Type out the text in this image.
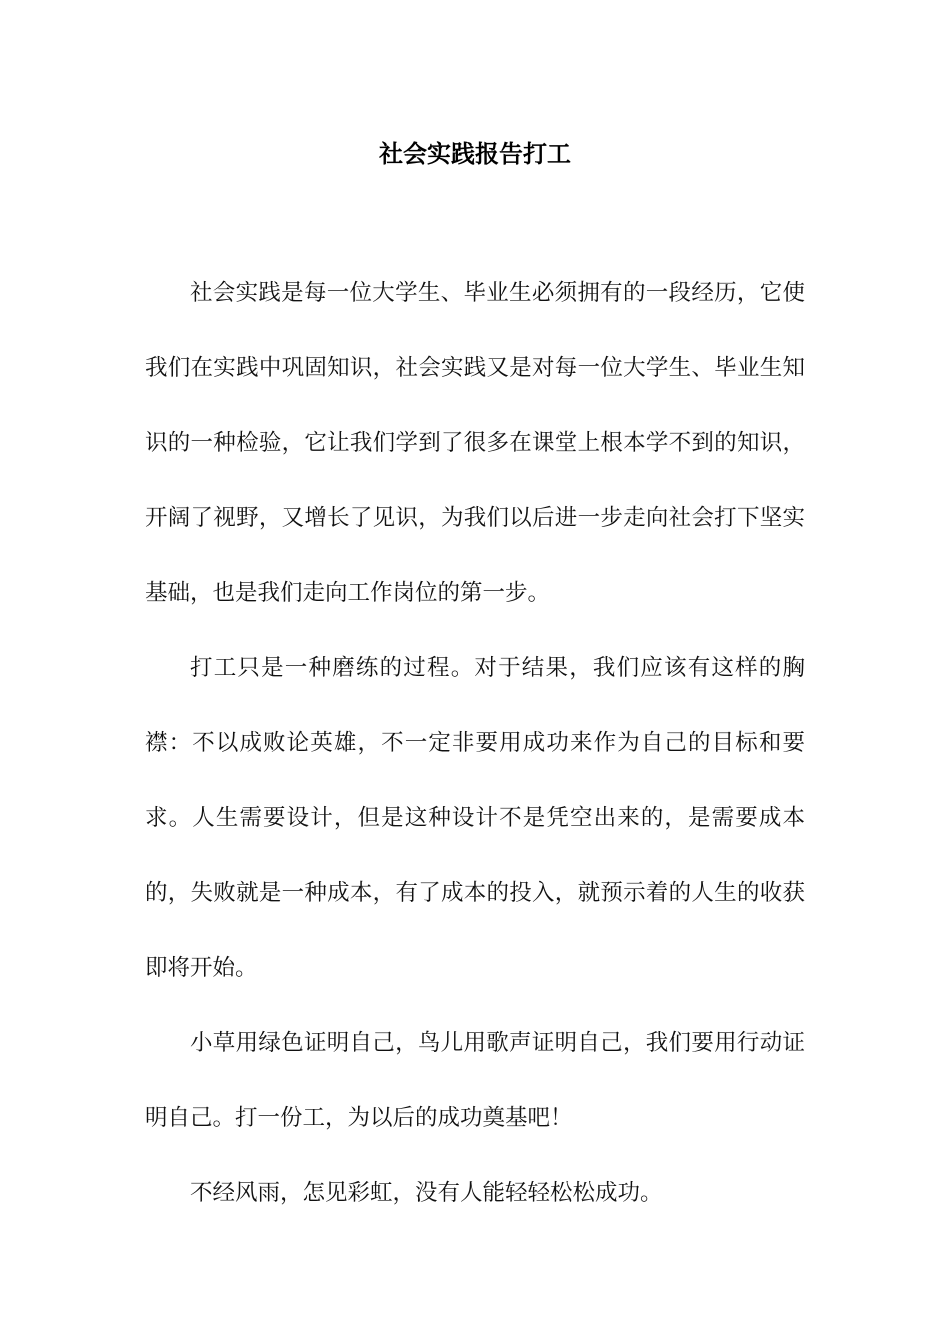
社会实践报告打工

社会实践是每一位大学生、毕业生必须拥有的一段经历，它使我们在实践中巩固知识，社会实践又是对每一位大学生、毕业生知识的一种检验，它让我们学到了很多在课堂上根本学不到的知识，开阔了视野，又增长了见识，为我们以后进一步走向社会打下坚实基础，也是我们走向工作岗位的第一步。

打工只是一种磨练的过程。对于结果，我们应该有这样的胸襟：不以成败论英雄，不一定非要用成功来作为自己的目标和要求。人生需要设计，但是这种设计不是凭空出来的，是需要成本的，失败就是一种成本，有了成本的投入，就预示着的人生的收获即将开始。

小草用绿色证明自己，鸟儿用歌声证明自己，我们要用行动证明自己。打一份工，为以后的成功奠基吧！

不经风雨，怎见彩虹，没有人能轻轻松松成功。
